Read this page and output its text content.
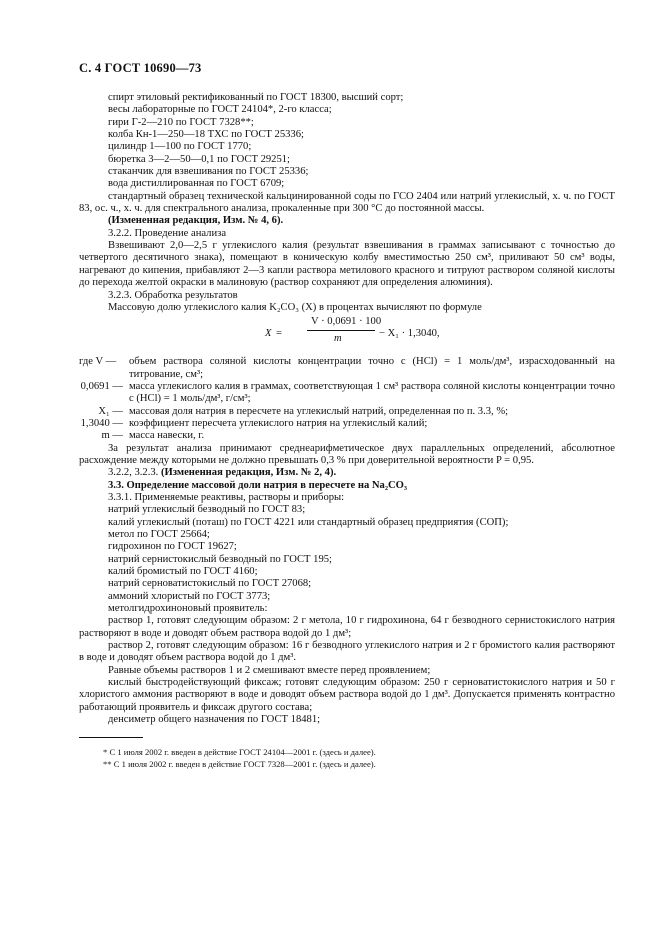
С. 4 ГОСТ 10690—73

спирт этиловый ректификованный по ГОСТ 18300, высший сорт;

весы лабораторные по ГОСТ 24104*, 2-го класса;

гири Г-2—210 по ГОСТ 7328**;

колба Кн-1—250—18 ТХС по ГОСТ 25336;

цилиндр 1—100 по ГОСТ 1770;

бюретка 3—2—50—0,1 по ГОСТ 29251;

стаканчик для взвешивания по ГОСТ 25336;

вода дистиллированная по ГОСТ 6709;

стандартный образец технической кальцинированной соды по ГСО 2404 или натрий углекислый, х. ч. по ГОСТ 83, ос. ч., х. ч. для спектрального анализа, прокаленные при 300 °С до постоянной массы.

(Измененная редакция, Изм. № 4, 6).

3.2.2. Проведение анализа

Взвешивают 2,0—2,5 г углекислого калия (результат взвешивания в граммах записывают с точностью до четвертого десятичного знака), помещают в коническую колбу вместимостью 250 см³, приливают 50 см³ воды, нагревают до кипения, прибавляют 2—3 капли раствора метилового красного и титруют раствором соляной кислоты до перехода желтой окраски в малиновую (раствор сохраняют для определения алюминия).

3.2.3. Обработка результатов

Массовую долю углекислого калия K₂CO₃ (X) в процентах вычисляют по формуле

X =
V · 0,0691 · 100
m	− X₁ · 1,3040,
где V —	объем раствора соляной кислоты концентрации точно с (HCl) = 1 моль/дм³, израсходованный на титрование, см³;
0,0691 — масса углекислого калия в граммах, соответствующая 1 см³ раствора соляной кислоты концентрации точно с (HCl) = 1 моль/дм³, г/см³;
X₁ — массовая доля натрия в пересчете на углекислый натрий, определенная по п. 3.3, %;
1,3040 — коэффициент пересчета углекислого натрия на углекислый калий;
m — масса навески, г.

За результат анализа принимают среднеарифметическое двух параллельных определений, абсолютное расхождение между которыми не должно превышать 0,3 % при доверительной вероятности P = 0,95.

3.2.2, 3.2.3. (Измененная редакция, Изм. № 2, 4).

3.3. Определение массовой доли натрия в пересчете на Na₂CO₃

3.3.1. Применяемые реактивы, растворы и приборы:

натрий углекислый безводный по ГОСТ 83;

калий углекислый (поташ) по ГОСТ 4221 или стандартный образец предприятия (СОП);

метол по ГОСТ 25664;

гидрохинон по ГОСТ 19627;

натрий сернистокислый безводный по ГОСТ 195;

калий бромистый по ГОСТ 4160;

натрий серноватистокислый по ГОСТ 27068;

аммоний хлористый по ГОСТ 3773;

метолгидрохиноновый проявитель:

раствор 1, готовят следующим образом: 2 г метола, 10 г гидрохинона, 64 г безводного сернистокислого натрия растворяют в воде и доводят объем раствора водой до 1 дм³;

раствор 2, готовят следующим образом: 16 г безводного углекислого натрия и 2 г бромистого калия растворяют в воде и доводят объем раствора водой до 1 дм³.

Равные объемы растворов 1 и 2 смешивают вместе перед проявлением;

кислый быстродействующий фиксаж; готовят следующим образом: 250 г серноватистокислого натрия и 50 г хлористого аммония растворяют в воде и доводят объем раствора водой до 1 дм³. Допускается применять контрастно работающий проявитель и фиксаж другого состава;

денсиметр общего назначения по ГОСТ 18481;

* С 1 июля 2002 г. введен в действие ГОСТ 24104—2001 г. (здесь и далее).

** С 1 июля 2002 г. введен в действие ГОСТ 7328—2001 г. (здесь и далее).
